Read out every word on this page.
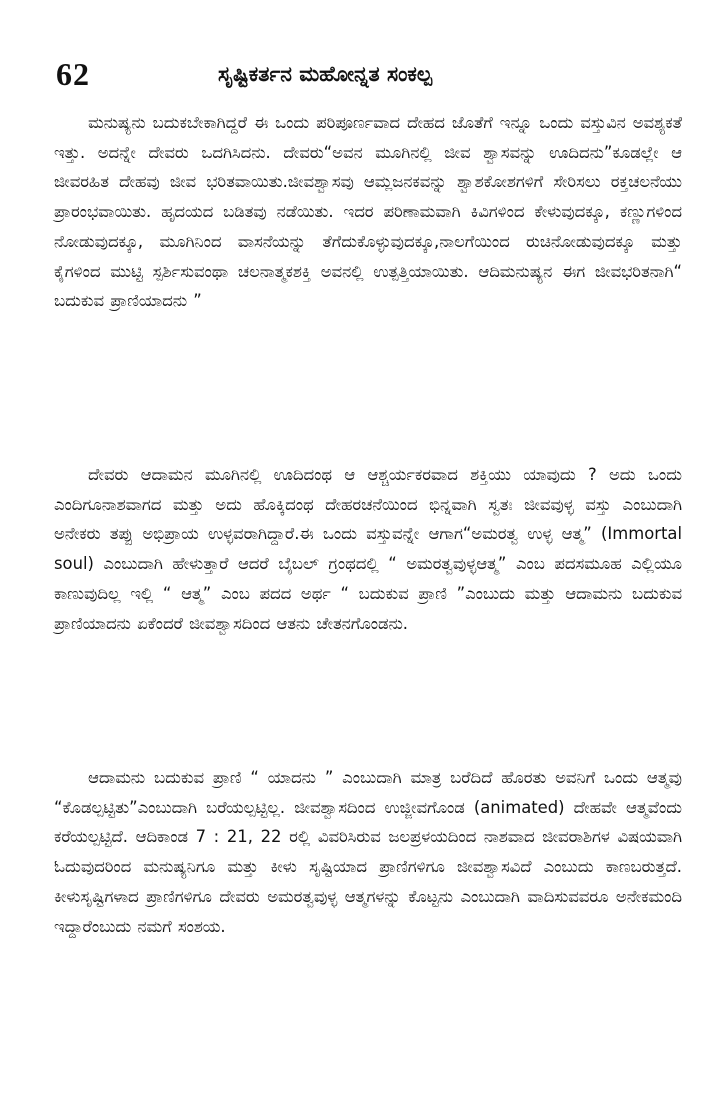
62	ಸೃಷ್ಟಿಕರ್ತನ ಮಹೋನ್ನತ ಸಂಕಲ್ಪ

ಮನುಷ್ಯನು ಬದುಕಬೇಕಾಗಿದ್ದರೆ ಈ ಒಂದು ಪರಿಪೂರ್ಣವಾದ ದೇಹದ ಜೊತೆಗೆ ಇನ್ನೂ ಒಂದು ವಸ್ತುವಿನ ಅವಶ್ಯಕತೆ ಇತ್ತು. ಅದನ್ನೇ ದೇವರು ಒದಗಿಸಿದನು. ದೇವರು“ಅವನ ಮೂಗಿನಲ್ಲಿ ಜೀವ ಶ್ವಾಸವನ್ನು ಊದಿದನು”ಕೂಡಲ್ಲೇ ಆ ಜೀವರಹಿತ ದೇಹವು ಜೀವ ಭರಿತವಾಯಿತು.ಜೀವಶ್ವಾಸವು ಆಮ್ಲಜನಕವನ್ನು ಶ್ವಾಶಕೋಶಗಳಿಗೆ ಸೇರಿಸಲು ರಕ್ತಚಲನೆಯು ಪ್ರಾರಂಭವಾಯಿತು. ಹೃದಯದ ಬಡಿತವು ನಡೆಯಿತು. ಇದರ ಪರಿಣಾಮವಾಗಿ ಕಿವಿಗಳಿಂದ ಕೇಳುವುದಕ್ಕೂ, ಕಣ್ಣುಗಳಿಂದ ನೋಡುವುದಕ್ಕೂ, ಮೂಗಿನಿಂದ ವಾಸನೆಯನ್ನು ತೆಗೆದುಕೊಳ್ಳುವುದಕ್ಕೂ,ನಾಲಗೆಯಿಂದ ರುಚಿನೋಡುವುದಕ್ಕೂ ಮತ್ತು ಕೈಗಳಿಂದ ಮುಟ್ಟಿ ಸ್ಪರ್ಶಿಸುವಂಥಾ ಚಲನಾತ್ಮಕಶಕ್ತಿ ಅವನಲ್ಲಿ ಉತ್ಪತ್ತಿಯಾಯಿತು. ಆದಿಮನುಷ್ಯನ ಈಗ ಜೀವಭರಿತನಾಗಿ“ ಬದುಕುವ ಪ್ರಾಣಿಯಾದನು ”

ದೇವರು ಆದಾಮನ ಮೂಗಿನಲ್ಲಿ ಊದಿದಂಥ ಆ ಆಶ್ಚರ್ಯಕರವಾದ ಶಕ್ತಿಯು ಯಾವುದು ? ಅದು ಒಂದು ಎಂದಿಗೂನಾಶವಾಗದ ಮತ್ತು ಅದು ಹೊಕ್ಕಿದಂಥ ದೇಹರಚನೆಯಿಂದ ಭಿನ್ನವಾಗಿ ಸ್ವತಃ ಜೀವವುಳ್ಳ ವಸ್ತು ಎಂಬುದಾಗಿ ಅನೇಕರು ತಪ್ಪು ಅಭಿಪ್ರಾಯ ಉಳ್ಳವರಾಗಿದ್ದಾರೆ.ಈ ಒಂದು ವಸ್ತುವನ್ನೇ ಆಗಾಗ“ಅಮರತ್ವ ಉಳ್ಳ ಆತ್ಮ” (Immortal soul) ಎಂಬುದಾಗಿ ಹೇಳುತ್ತಾರೆ ಆದರೆ ಬೈಬಲ್ ಗ್ರಂಥದಲ್ಲಿ “ ಅಮರತ್ವವುಳ್ಳಆತ್ಮ” ಎಂಬ ಪದಸಮೂಹ ಎಲ್ಲಿಯೂ ಕಾಣುವುದಿಲ್ಲ ಇಲ್ಲಿ “ ಆತ್ಮ” ಎಂಬ ಪದದ ಅರ್ಥ “ ಬದುಕುವ ಪ್ರಾಣಿ ”ಎಂಬುದು ಮತ್ತು ಆದಾಮನು ಬದುಕುವ ಪ್ರಾಣಿಯಾದನು ಏಕೆಂದರೆ ಜೀವಶ್ವಾಸದಿಂದ ಆತನು ಚೇತನಗೊಂಡನು.

ಆದಾಮನು ಬದುಕುವ ಪ್ರಾಣಿ “ ಯಾದನು ” ಎಂಬುದಾಗಿ ಮಾತ್ರ ಬರೆದಿದೆ ಹೊರತು ಅವನಿಗೆ ಒಂದು ಆತ್ಮವು “ಕೊಡಲ್ಪಟ್ಟಿತು”ಎಂಬುದಾಗಿ ಬರೆಯಲ್ಪಟ್ಟಿಲ್ಲ. ಜೀವಶ್ವಾಸದಿಂದ ಉಜ್ಜೀವಗೊಂಡ (animated) ದೇಹವೇ ಆತ್ಮವೆಂದು ಕರೆಯಲ್ಪಟ್ಟಿದೆ. ಆದಿಕಾಂಡ 7 : 21, 22 ರಲ್ಲಿ ವಿವರಿಸಿರುವ ಜಲಪ್ರಳಯದಿಂದ ನಾಶವಾದ ಜೀವರಾಶಿಗಳ ವಿಷಯವಾಗಿ ಓದುವುದರಿಂದ ಮನುಷ್ಯನಿಗೂ ಮತ್ತು ಕೀಳು ಸೃಷ್ಟಿಯಾದ ಪ್ರಾಣಿಗಳಿಗೂ ಜೀವಶ್ವಾಸವಿದೆ ಎಂಬುದು ಕಾಣಬರುತ್ತದೆ. ಕೀಳುಸೃಷ್ಟಿಗಳಾದ ಪ್ರಾಣಿಗಳಿಗೂ ದೇವರು ಅಮರತ್ವವುಳ್ಳ ಆತ್ಮಗಳನ್ನು ಕೊಟ್ಟನು ಎಂಬುದಾಗಿ ವಾದಿಸುವವರೂ ಅನೇಕಮಂದಿ ಇದ್ದಾರೆಂಬುದು ನಮಗೆ ಸಂಶಯ.
